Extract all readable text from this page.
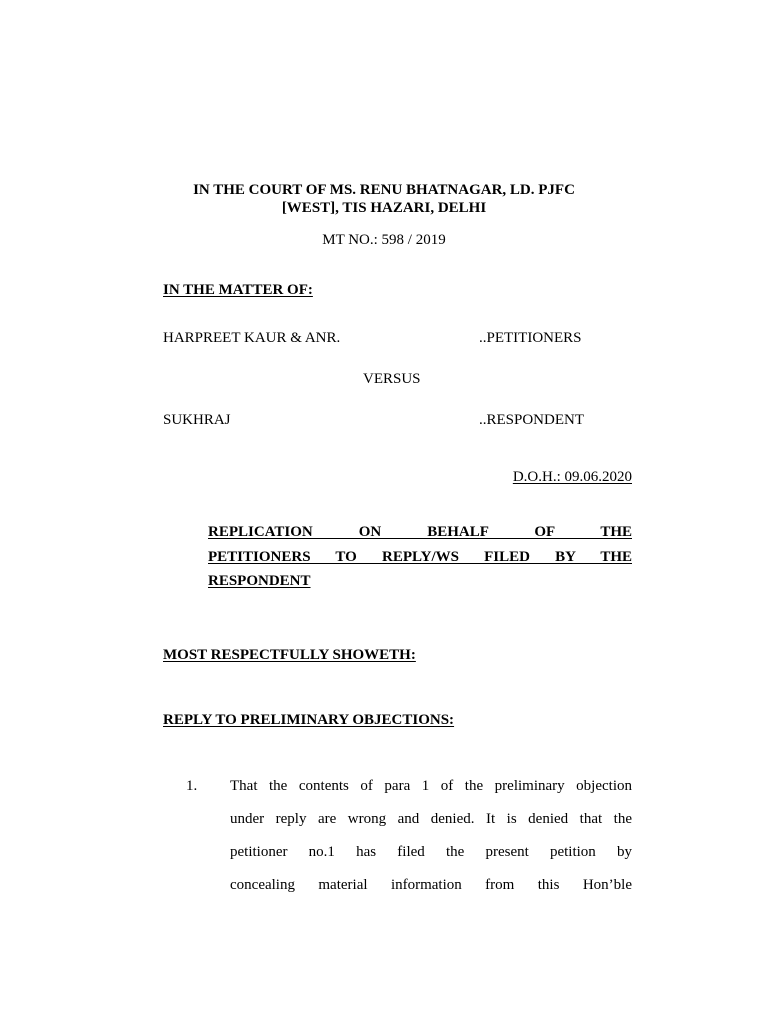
IN THE COURT OF MS. RENU BHATNAGAR, LD. PJFC
[WEST], TIS HAZARI, DELHI
MT NO.: 598 / 2019
IN THE MATTER OF:
HARPREET KAUR & ANR.	..PETITIONERS
VERSUS
SUKHRAJ	..RESPONDENT
D.O.H.: 09.06.2020
REPLICATION ON BEHALF OF THE
PETITIONERS TO REPLY/WS FILED BY THE
RESPONDENT
MOST RESPECTFULLY SHOWETH:
REPLY TO PRELIMINARY OBJECTIONS:
1. That the contents of para 1 of the preliminary objection
under reply are wrong and denied. It is denied that the
petitioner no.1 has filed the present petition by
concealing material information from this Hon’ble
